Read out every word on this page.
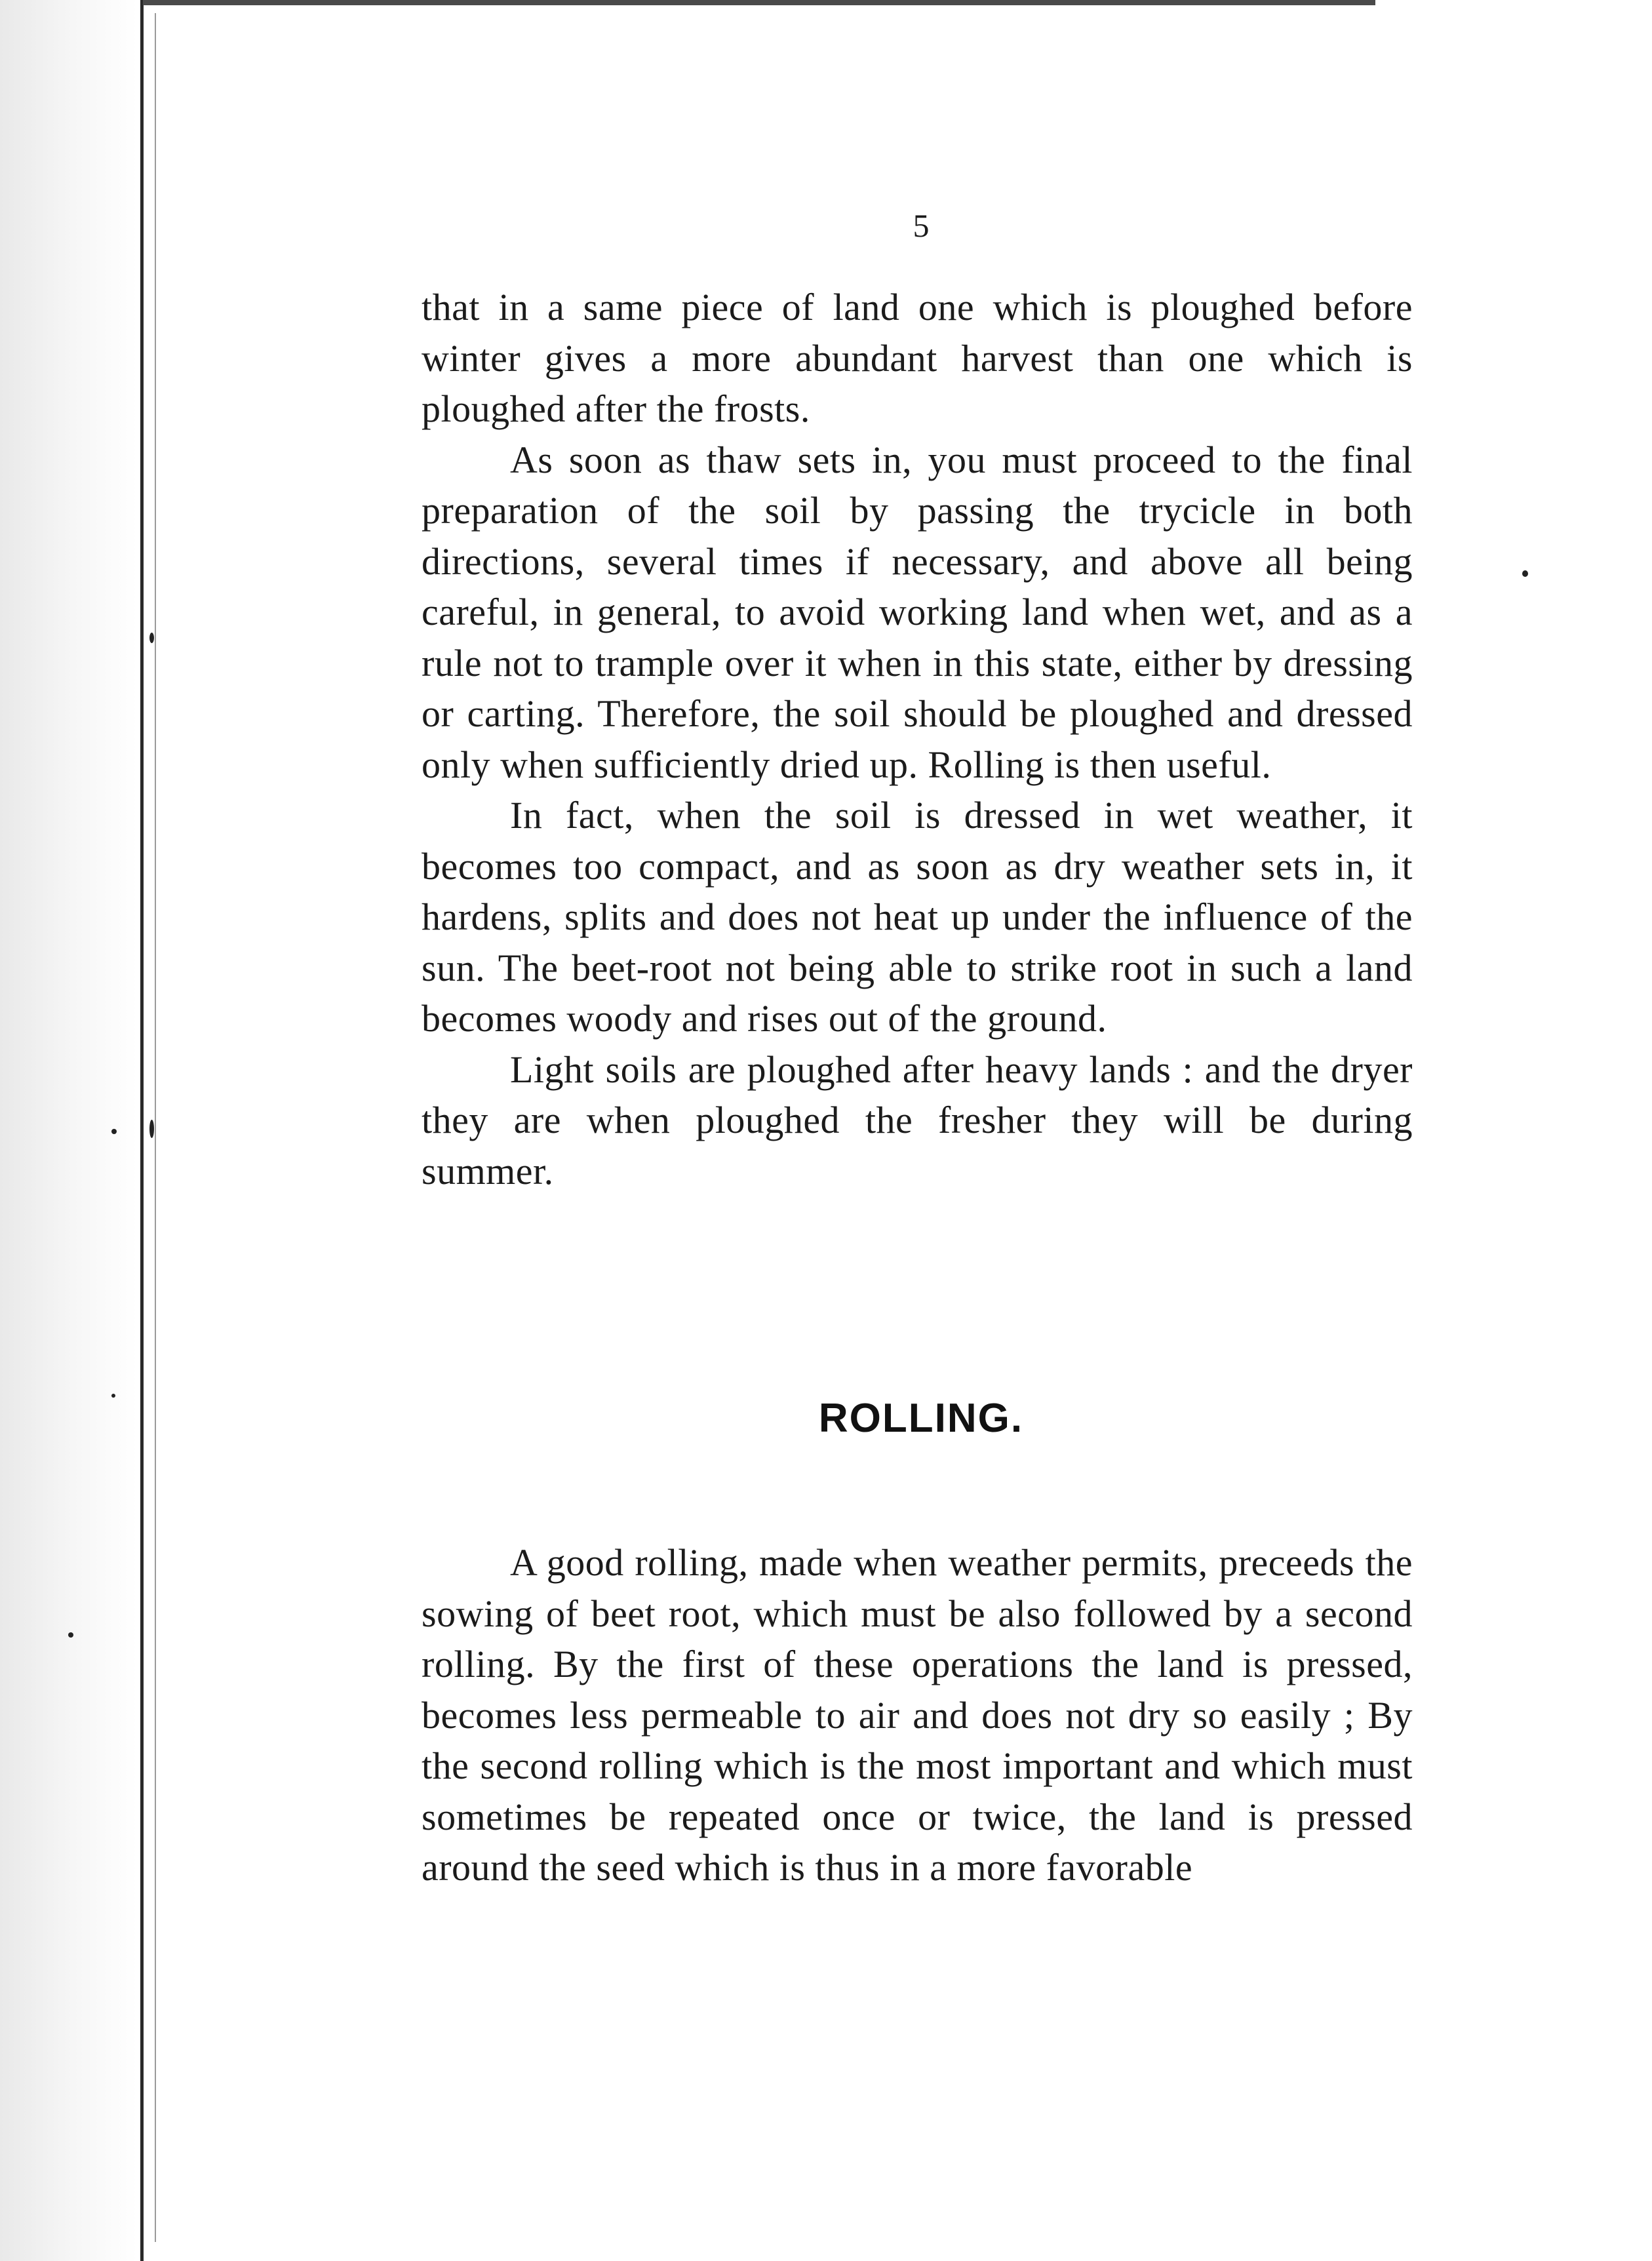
5

that in a same piece of land one which is ploughed before winter gives a more abundant harvest than one which is ploughed after the frosts.

As soon as thaw sets in, you must proceed to the final preparation of the soil by passing the trycicle in both directions, several times if necessary, and above all being careful, in general, to avoid working land when wet, and as a rule not to trample over it when in this state, either by dressing or carting. Therefore, the soil should be ploughed and dressed only when sufficiently dried up. Rolling is then useful.

In fact, when the soil is dressed in wet weather, it becomes too compact, and as soon as dry weather sets in, it hardens, splits and does not heat up under the influence of the sun. The beet-root not being able to strike root in such a land becomes woody and rises out of the ground.

Light soils are ploughed after heavy lands : and the dryer they are when ploughed the fresher they will be during summer.

ROLLING.

A good rolling, made when weather permits, preceeds the sowing of beet root, which must be also followed by a second rolling. By the first of these operations the land is pressed, becomes less permeable to air and does not dry so easily ; By the second rolling which is the most important and which must sometimes be repeated once or twice, the land is pressed around the seed which is thus in a more favorable
